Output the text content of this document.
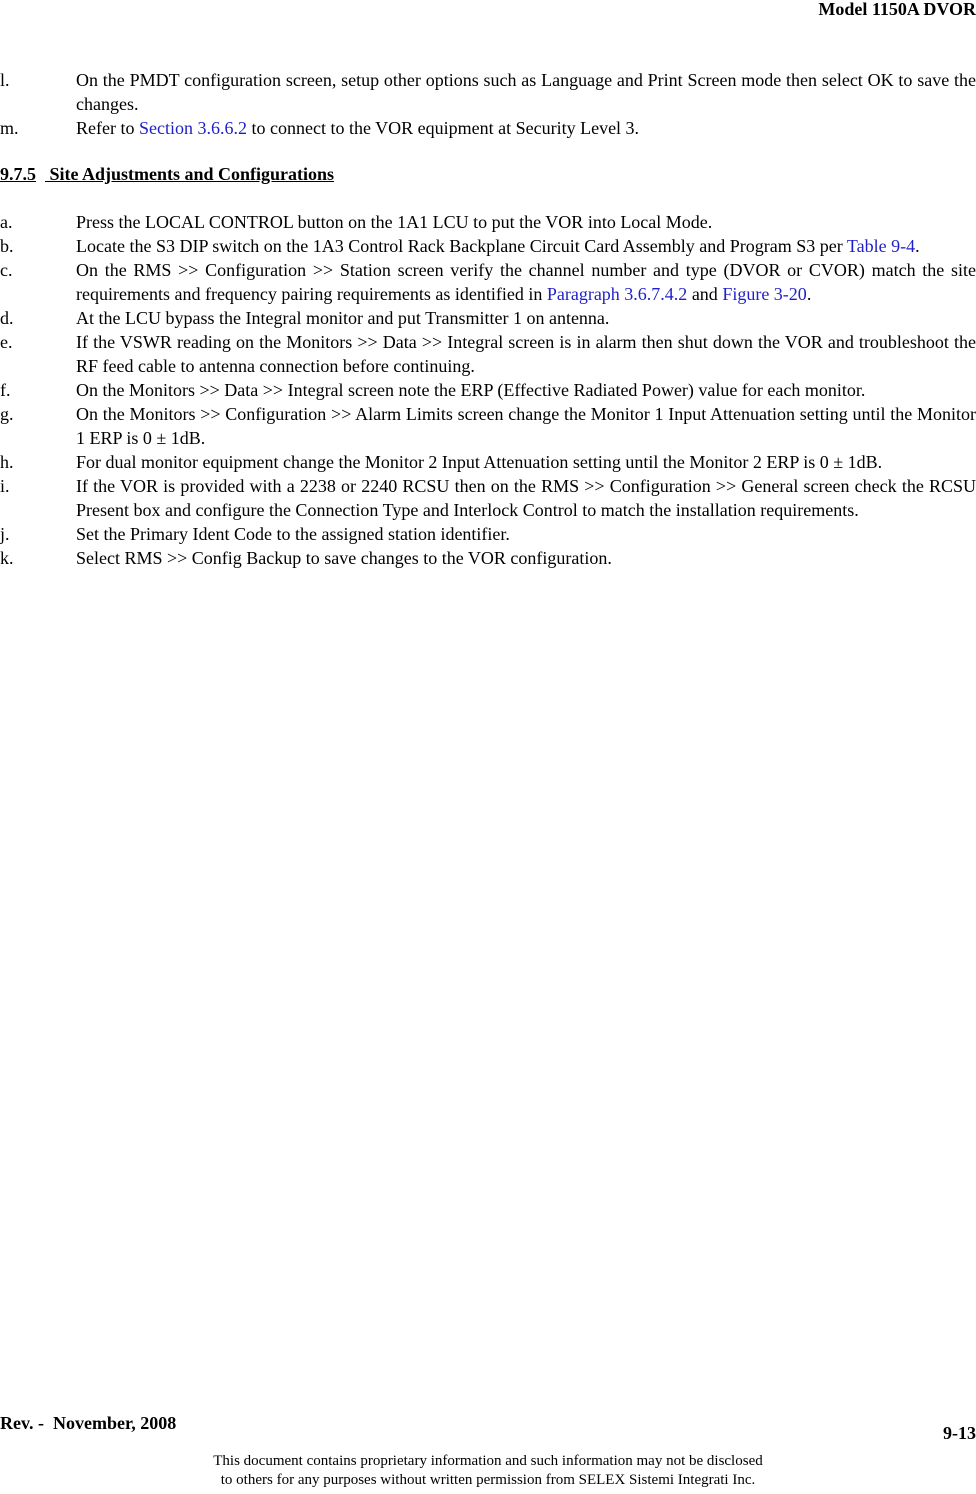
Model 1150A DVOR
l.	On the PMDT configuration screen, setup other options such as Language and Print Screen mode then select OK to save the changes.
m.	Refer to Section 3.6.6.2 to connect to the VOR equipment at Security Level 3.
9.7.5 Site Adjustments and Configurations
a.	Press the LOCAL CONTROL button on the 1A1 LCU to put the VOR into Local Mode.
b.	Locate the S3 DIP switch on the 1A3 Control Rack Backplane Circuit Card Assembly and Program S3 per Table 9-4.
c.	On the RMS >> Configuration >> Station screen verify the channel number and type (DVOR or CVOR) match the site requirements and frequency pairing requirements as identified in Paragraph 3.6.7.4.2 and Figure 3-20.
d.	At the LCU bypass the Integral monitor and put Transmitter 1 on antenna.
e.	If the VSWR reading on the Monitors >> Data >> Integral screen is in alarm then shut down the VOR and troubleshoot the RF feed cable to antenna connection before continuing.
f.	On the Monitors >> Data >> Integral screen note the ERP (Effective Radiated Power) value for each monitor.
g.	On the Monitors >> Configuration >> Alarm Limits screen change the Monitor 1 Input Attenuation setting until the Monitor 1 ERP is 0 ± 1dB.
h.	For dual monitor equipment change the Monitor 2 Input Attenuation setting until the Monitor 2 ERP is 0 ± 1dB.
i.	If the VOR is provided with a 2238 or 2240 RCSU then on the RMS >> Configuration >> General screen check the RCSU Present box and configure the Connection Type and Interlock Control to match the installation requirements.
j.	Set the Primary Ident Code to the assigned station identifier.
k.	Select RMS >> Config Backup to save changes to the VOR configuration.
Rev. -  November, 2008	9-13
This document contains proprietary information and such information may not be disclosed
to others for any purposes without written permission from SELEX Sistemi Integrati Inc.
